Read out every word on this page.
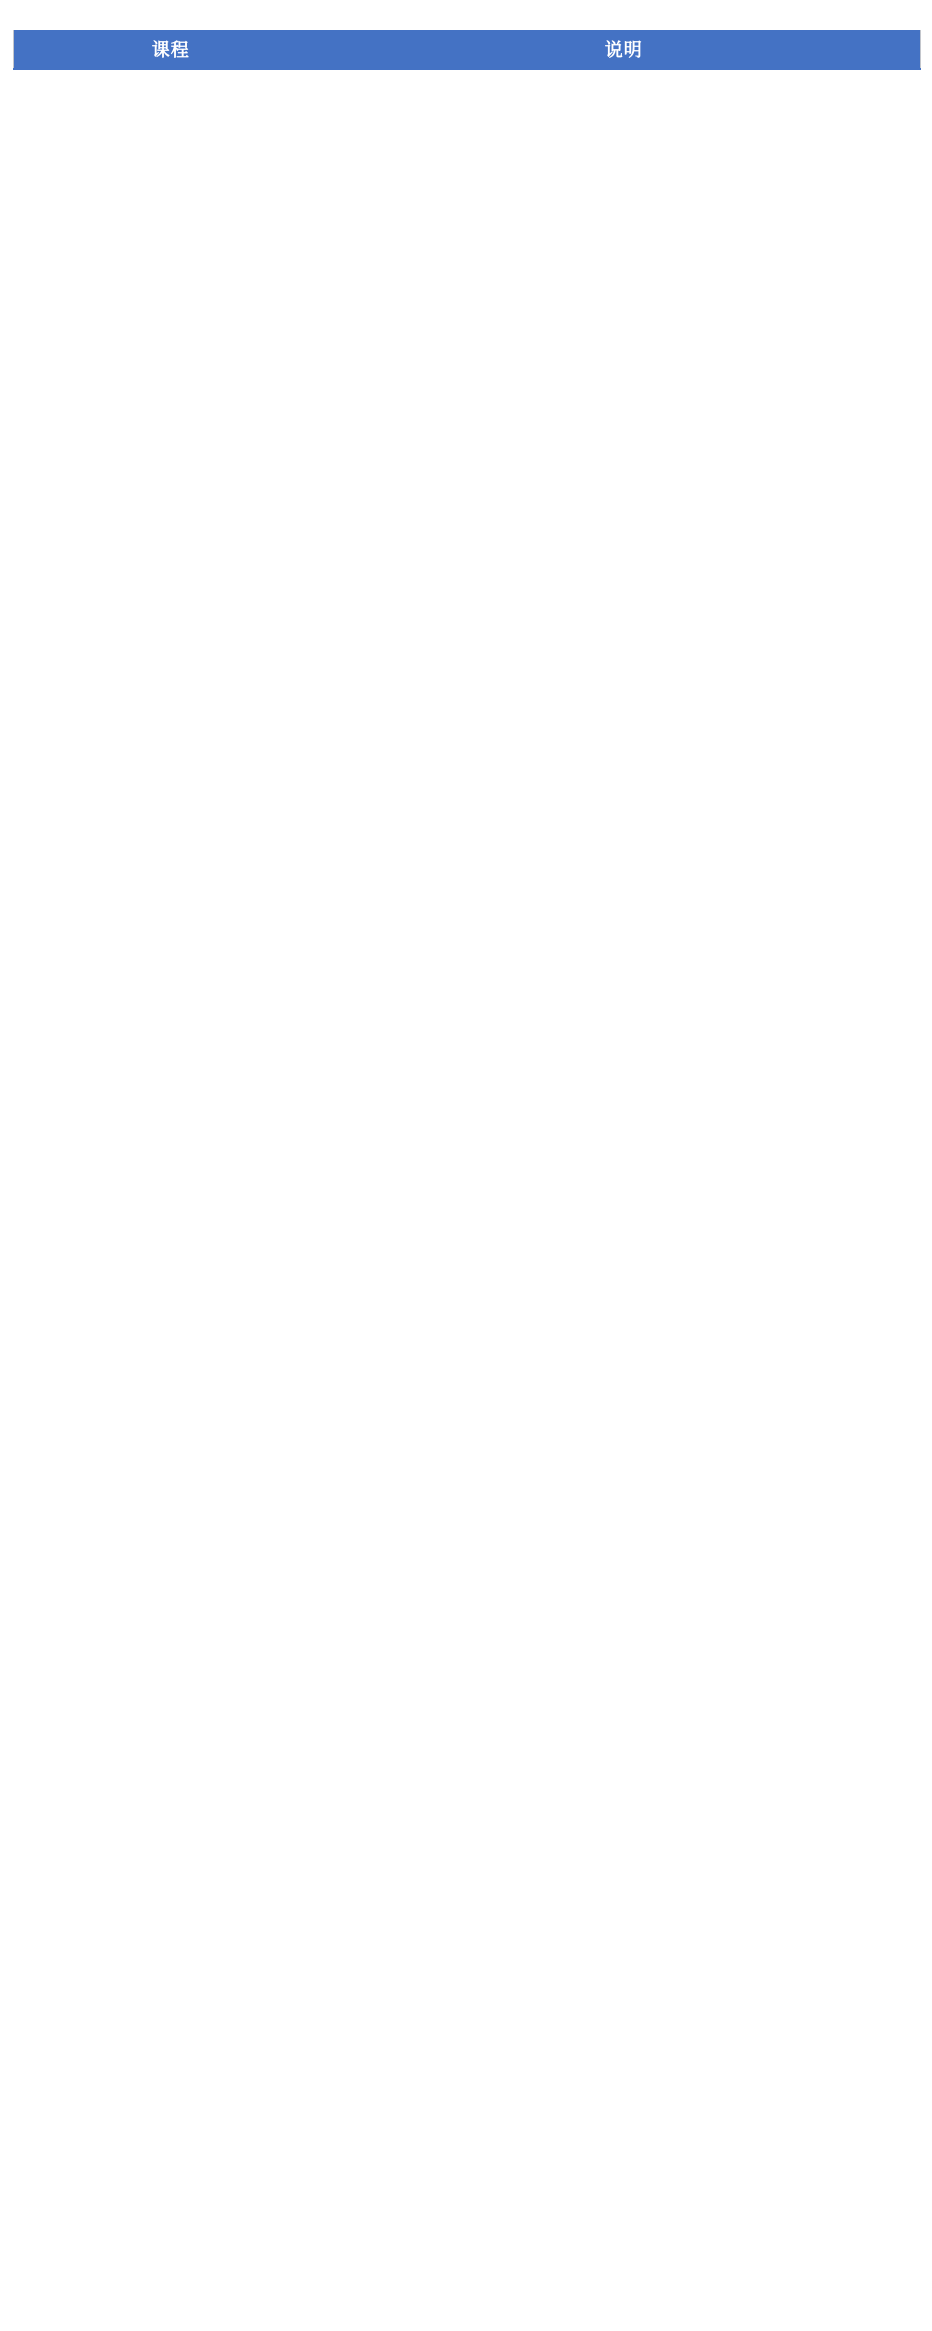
课程	说明
